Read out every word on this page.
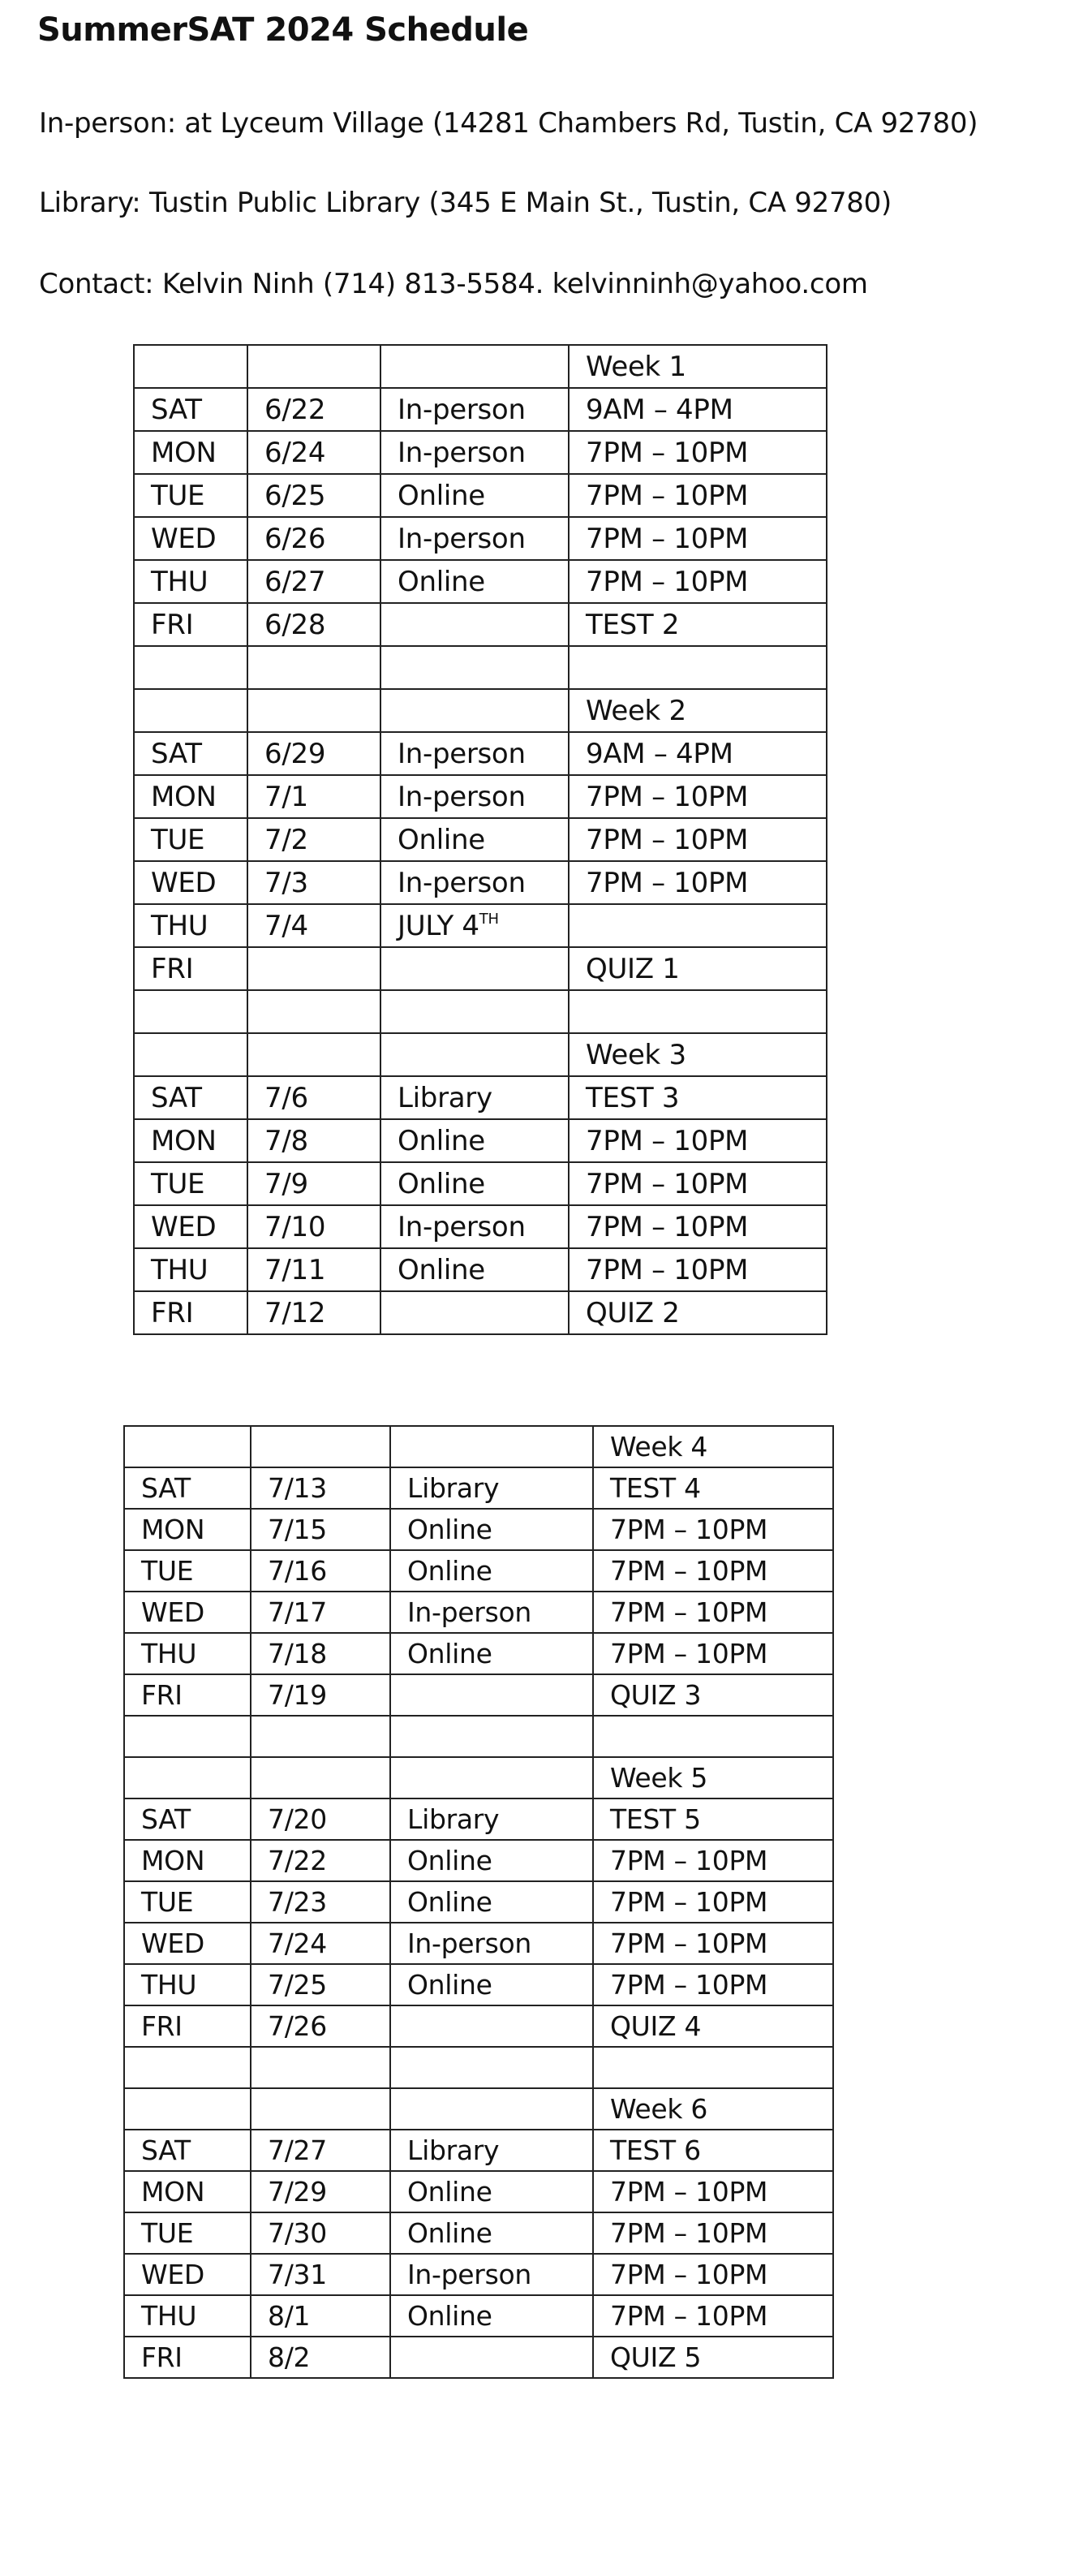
SummerSAT 2024 Schedule
In-person: at Lyceum Village (14281 Chambers Rd, Tustin, CA 92780)
Library: Tustin Public Library (345 E Main St., Tustin, CA 92780)
Contact: Kelvin Ninh (714) 813-5584. kelvinninh@yahoo.com
			Week 1
SAT	6/22	In-person	9AM – 4PM
MON	6/24	In-person	7PM – 10PM
TUE	6/25	Online	7PM – 10PM
WED	6/26	In-person	7PM – 10PM
THU	6/27	Online	7PM – 10PM
FRI	6/28		TEST 2

			Week 2
SAT	6/29	In-person	9AM – 4PM
MON	7/1	In-person	7PM – 10PM
TUE	7/2	Online	7PM – 10PM
WED	7/3	In-person	7PM – 10PM
THU	7/4	JULY 4TH	
FRI			QUIZ 1

			Week 3
SAT	7/6	Library	TEST 3
MON	7/8	Online	7PM – 10PM
TUE	7/9	Online	7PM – 10PM
WED	7/10	In-person	7PM – 10PM
THU	7/11	Online	7PM – 10PM
FRI	7/12		QUIZ 2
			Week 4
SAT	7/13	Library	TEST 4
MON	7/15	Online	7PM – 10PM
TUE	7/16	Online	7PM – 10PM
WED	7/17	In-person	7PM – 10PM
THU	7/18	Online	7PM – 10PM
FRI	7/19		QUIZ 3

			Week 5
SAT	7/20	Library	TEST 5
MON	7/22	Online	7PM – 10PM
TUE	7/23	Online	7PM – 10PM
WED	7/24	In-person	7PM – 10PM
THU	7/25	Online	7PM – 10PM
FRI	7/26		QUIZ 4

			Week 6
SAT	7/27	Library	TEST 6
MON	7/29	Online	7PM – 10PM
TUE	7/30	Online	7PM – 10PM
WED	7/31	In-person	7PM – 10PM
THU	8/1	Online	7PM – 10PM
FRI	8/2		QUIZ 5
